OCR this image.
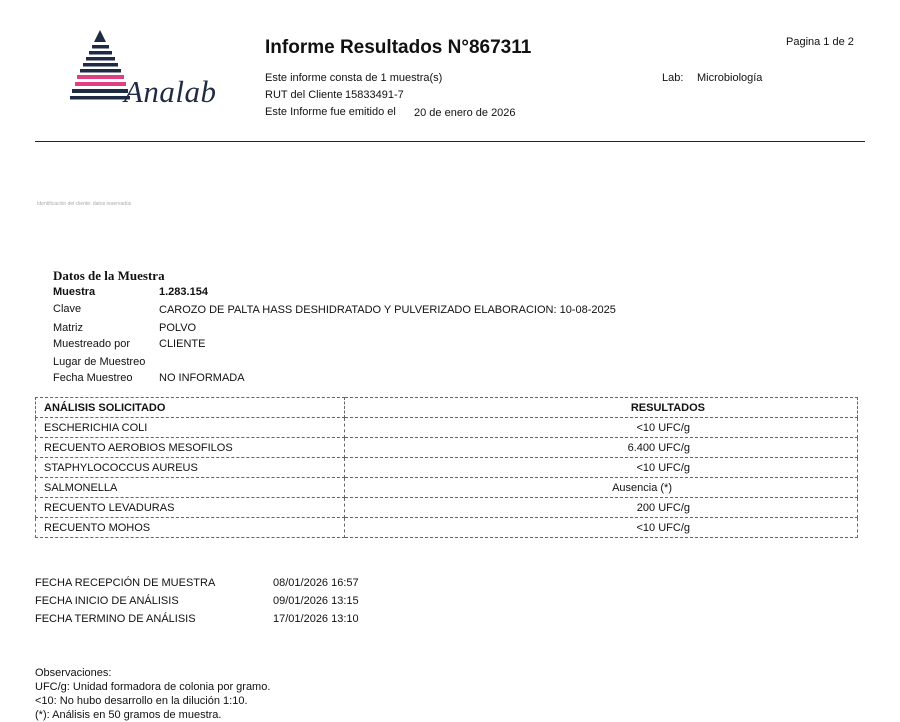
Analab
Informe Resultados N°867311	Pagina 1 de 2
Este informe consta de 1 muestra(s)	Lab: Microbiología
RUT del Cliente 15833491-7
Este Informe fue emitido el 20 de enero de 2026
Identificación del cliente: datos reservados
Datos de la Muestra
Muestra	1.283.154
Clave	CAROZO DE PALTA HASS DESHIDRATADO Y PULVERIZADO ELABORACION: 10-08-2025
Matriz	POLVO
Muestreado por	CLIENTE
Lugar de Muestreo
Fecha Muestreo NO INFORMADA
ANÁLISIS SOLICITADO	RESULTADOS
ESCHERICHIA COLI	<10 UFC/g
RECUENTO AEROBIOS MESOFILOS	6.400 UFC/g
STAPHYLOCOCCUS AUREUS	<10 UFC/g
SALMONELLA	Ausencia (*)
RECUENTO LEVADURAS	200 UFC/g
RECUENTO MOHOS	<10 UFC/g
FECHA RECEPCIÓN DE MUESTRA	08/01/2026 16:57
FECHA INICIO DE ANÁLISIS	09/01/2026 13:15
FECHA TERMINO DE ANÁLISIS	17/01/2026 13:10
Observaciones:
UFC/g: Unidad formadora de colonia por gramo.
<10: No hubo desarrollo en la dilución 1:10.
(*): Análisis en 50 gramos de muestra.
